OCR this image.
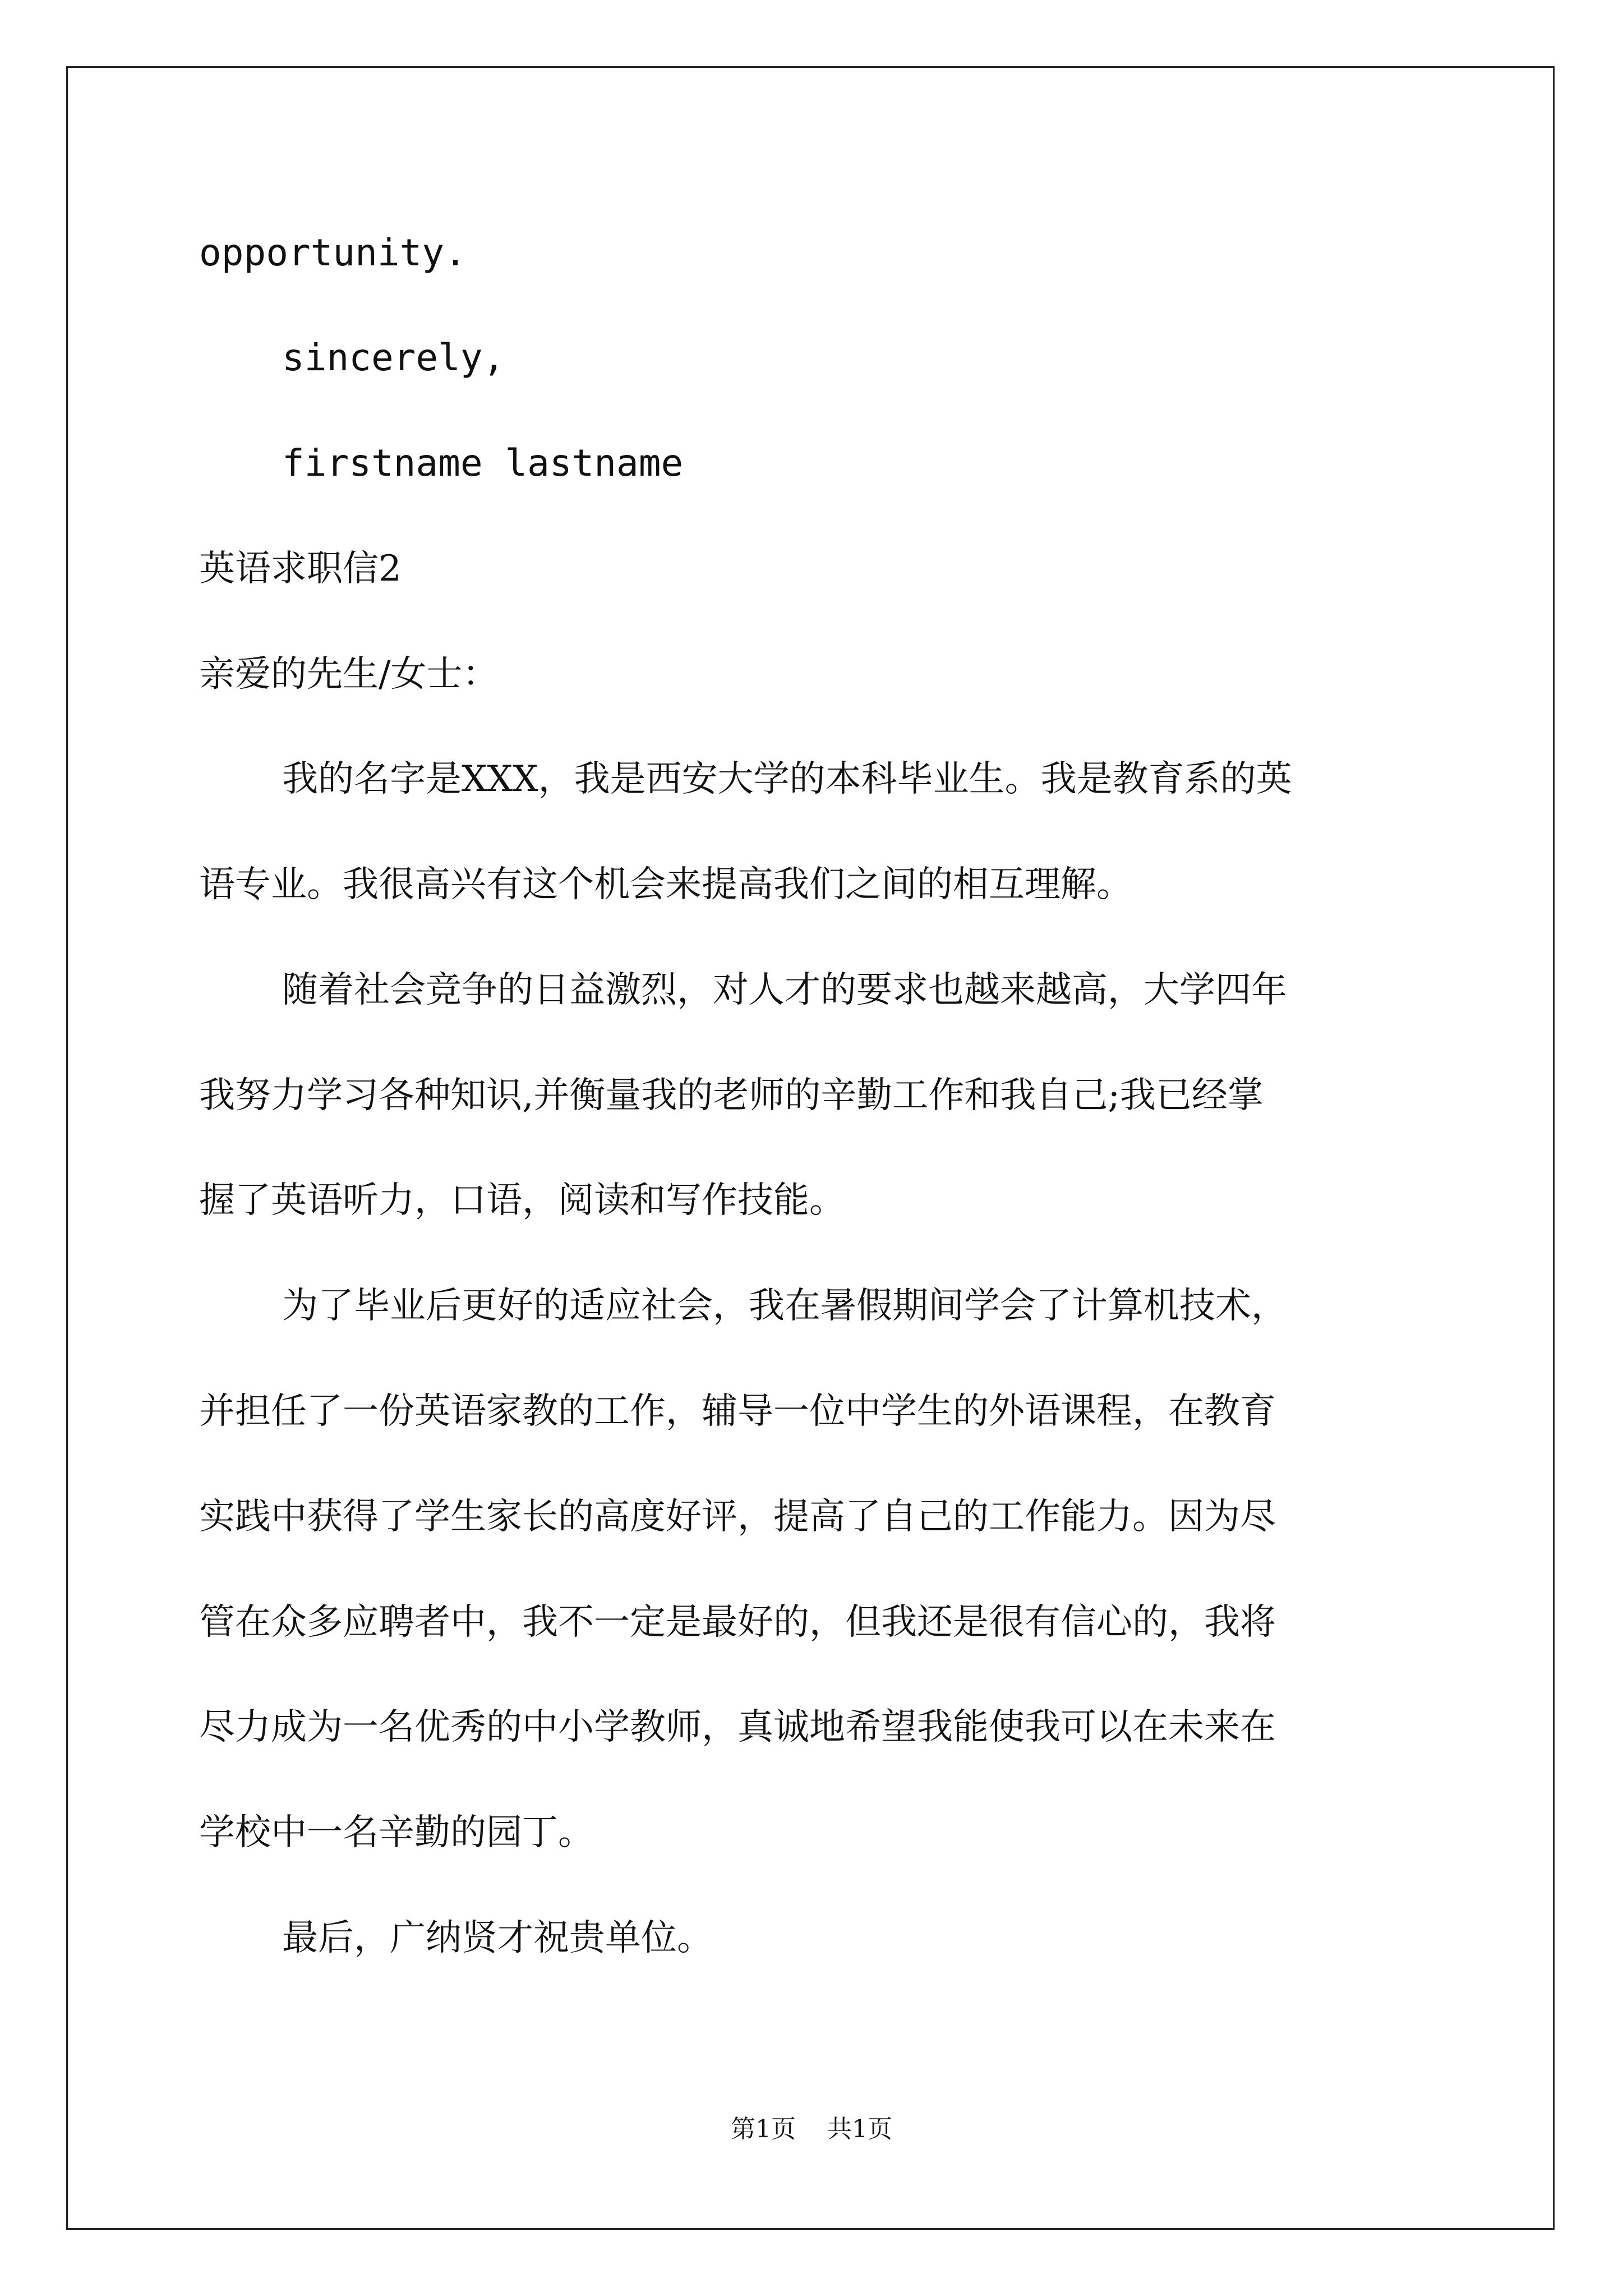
opportunity.
sincerely,
firstname lastname
英语求职信2
亲爱的先生/女士：
我的名字是XXX，我是西安大学的本科毕业生。我是教育系的英
语专业。我很高兴有这个机会来提高我们之间的相互理解。
随着社会竞争的日益激烈，对人才的要求也越来越高，大学四年
我努力学习各种知识,并衡量我的老师的辛勤工作和我自己;我已经掌
握了英语听力，口语，阅读和写作技能。
为了毕业后更好的适应社会，我在暑假期间学会了计算机技术，
并担任了一份英语家教的工作，辅导一位中学生的外语课程，在教育
实践中获得了学生家长的高度好评，提高了自己的工作能力。因为尽
管在众多应聘者中，我不一定是最好的，但我还是很有信心的，我将
尽力成为一名优秀的中小学教师，真诚地希望我能使我可以在未来在
学校中一名辛勤的园丁。
最后，广纳贤才祝贵单位。
第1页 共1页
